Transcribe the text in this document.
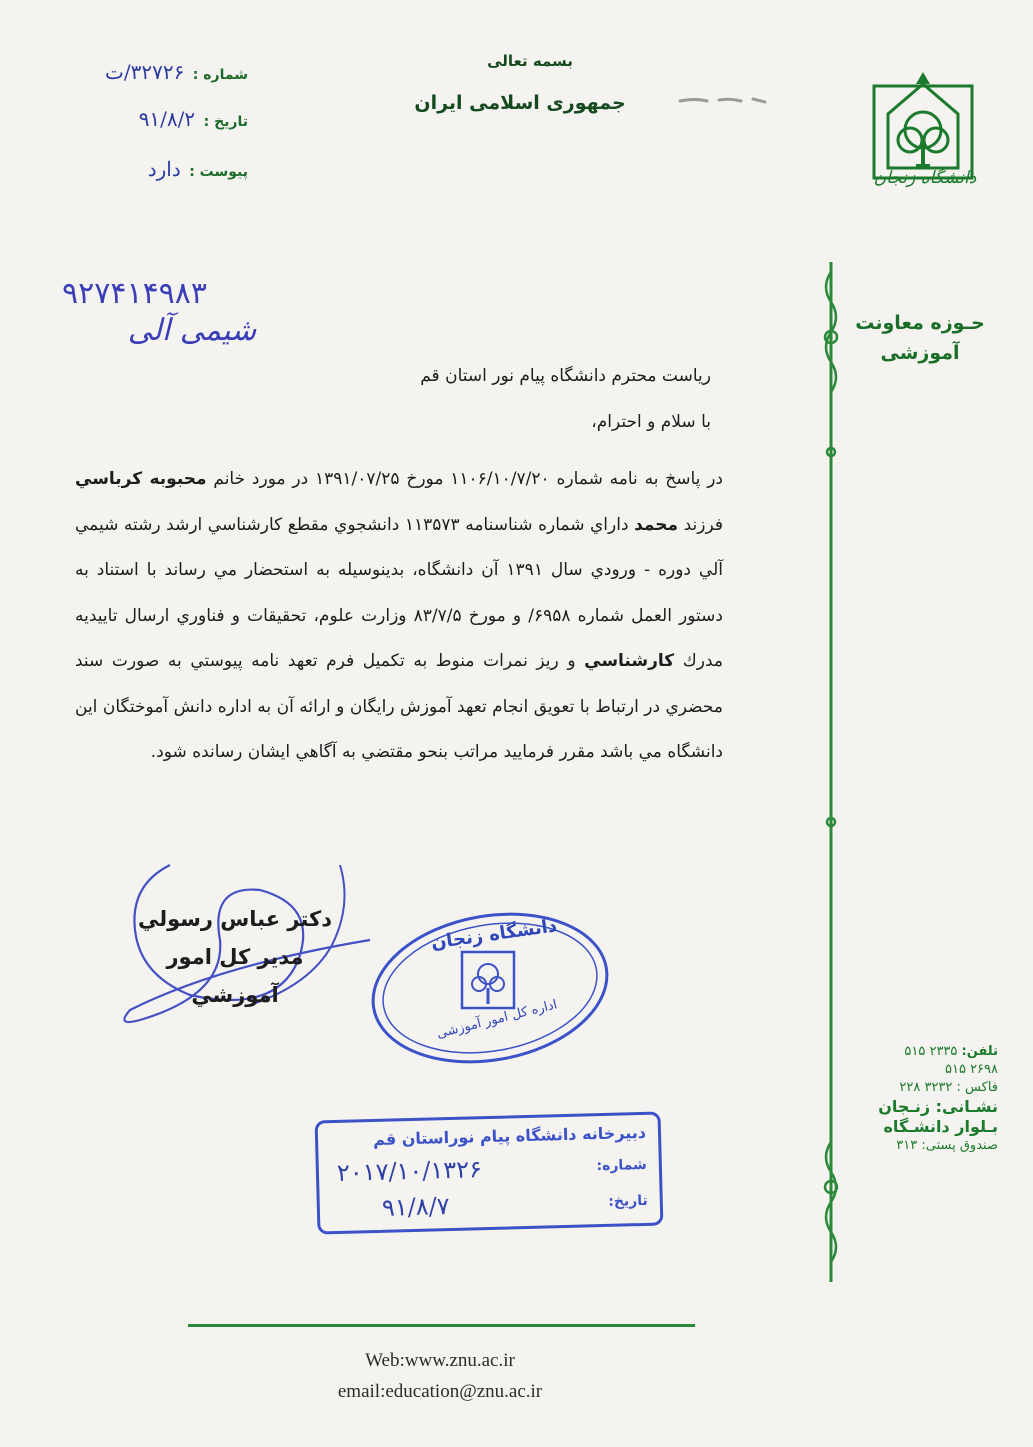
بسمه تعالی
جمهوری اسلامی ایران
شماره : ۳۲۷۲۶/ت
تاریخ : ۹۱/۸/۲
پیوست : دارد
۹۲۷۴۱۴۹۸۳
شیمی آلی
دانشگاه زنجان
حـوزه معاونت
آموزشی
رياست محترم دانشگاه پيام نور استان قم
با سلام و احترام،
در پاسخ به نامه شماره ۱۱۰۶/۱۰/۷/۲۰ مورخ ۱۳۹۱/۰۷/۲۵ در مورد خانم محبوبه كرباسي فرزند محمد داراي شماره شناسنامه ۱۱۳۵۷۳ دانشجوي مقطع كارشناسي ارشد رشته شيمي آلي دوره - ورودي سال ۱۳۹۱ آن دانشگاه، بدينوسيله به استحضار مي رساند با استناد به دستور العمل شماره ۶۹۵۸/ و مورخ ۸۳/۷/۵ وزارت علوم، تحقيقات و فناوري ارسال تاييديه مدرك كارشناسي و ريز نمرات منوط به تكميل فرم تعهد نامه پيوستي به صورت سند محضري در ارتباط با تعويق انجام تعهد آموزش رايگان و ارائه آن به اداره دانش آموختگان اين دانشگاه مي باشد مقرر فرماييد مراتب بنحو مقتضي به آگاهي ايشان رسانده شود.
دكتر عباس رسولي
مدير كل امور آموزشي
دانشگاه زنجان
اداره کل امور آموزشی
دبیرخانه دانشگاه پیام نوراستان قم
شماره:
۲۰۱۷/۱۰/۱۳۲۶
تاریخ:
۹۱/۸/۷
تلفن: ۵۱۵ ۲۳۳۵
۵۱۵ ۲۶۹۸
فاکس : ۲۲۸ ۳۲۳۲
نشـانی: زنـجان
بـلوار دانشـگاه
صندوق پستی: ۳۱۳
Web:www.znu.ac.ir
email:education@znu.ac.ir
